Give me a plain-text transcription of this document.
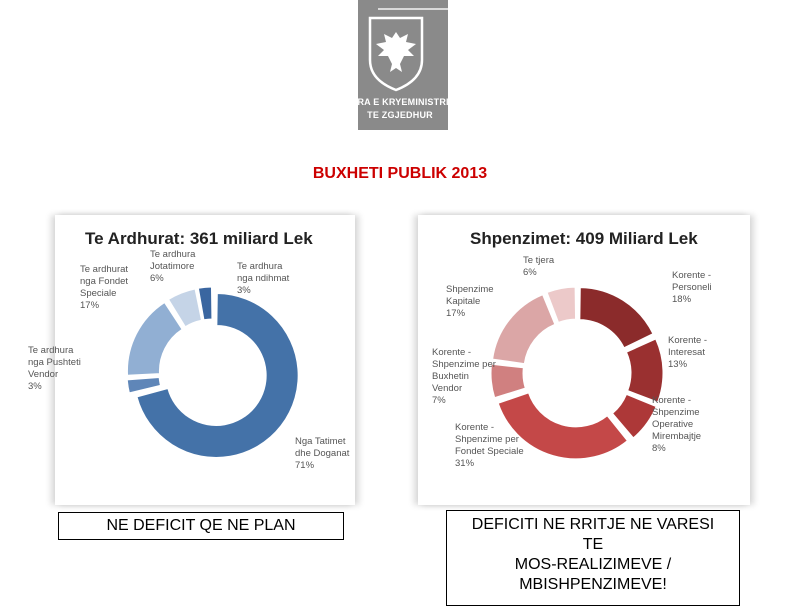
ZYRA E KRYEMINISTRIT
TE ZGJEDHUR
BUXHETI PUBLIK 2013
Te Ardhurat: 361 miliard Lek	Shpenzimet: 409 Miliard Lek
Nga Tatimet
dhe Doganat
71%
Te ardhura
nga Pushteti
Vendor
3%
Te ardhurat
nga Fondet
Speciale
17%
Te ardhura
Jotatimore
6%
Te ardhura
nga ndihmat
3%
Korente -
Personeli
18%
Korente -
Interesat
13%
Korente -
Shpenzime
Operative
Mirembajtje
8%
Korente -
Shpenzime per
Fondet Speciale
31%
Korente -
Shpenzime per
Buxhetin
Vendor
7%
Shpenzime
Kapitale
17%
Te tjera
6%
NE DEFICIT QE NE PLAN	DEFICITI NE RRITJE NE VARESI
TE
MOS-REALIZIMEVE /
MBISHPENZIMEVE!
